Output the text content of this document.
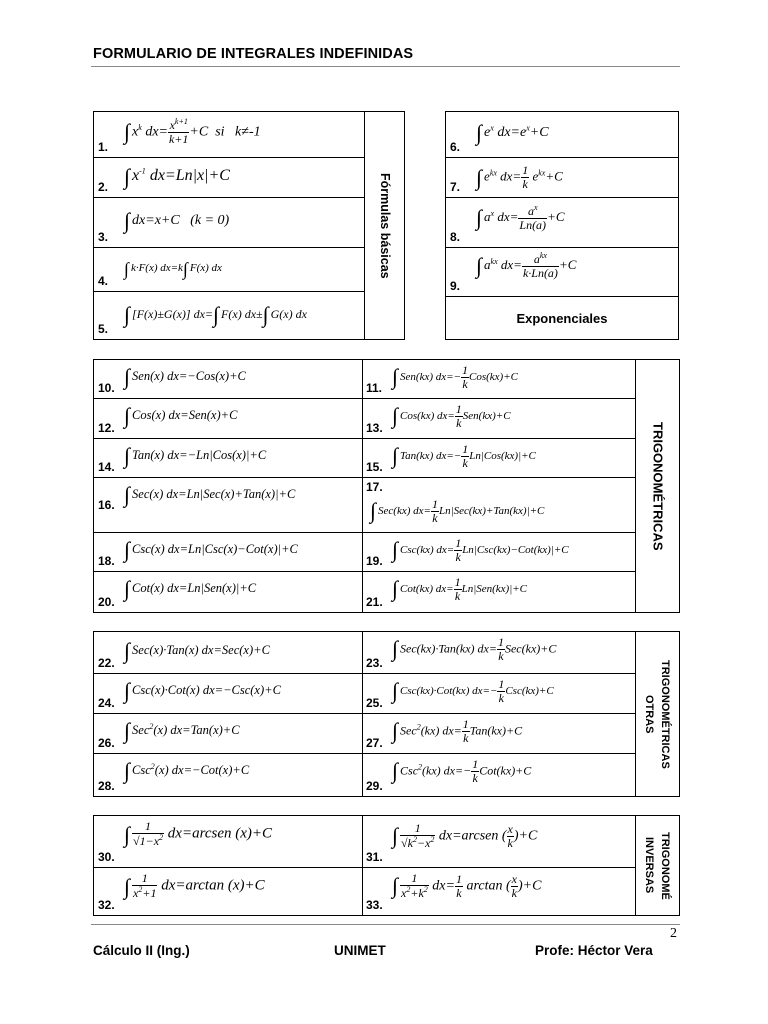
FORMULARIO DE INTEGRALES INDEFINIDAS
Fórmulas básicas
1.
∫ $x^k$ $dx= \frac{x^{k+1}}{k+1} +C$  si   k≠-1
2. ∫ $x^{-1}$ dx=Ln|x|+C
3.
∫ dx=x+C   (k = 0)
4.
∫ k·F(x) dx=k∫ F(x) dx
5.
∫ [F(x)±G(x)] dx=∫ F(x) dx±∫ G(x) dx
6.
∫ $e^x$ $dx=e^x+C$
7. ∫ $e^{kx}$ $dx= \frac{1}{k} e^{kx}+C$
8.
∫ $a^x$ $dx= \frac{a^x}{Ln(a)} +C$
9.
∫ $a^{kx}$ $dx= \frac{a^{kx}}{k\cdot Ln(a)} +C$
Exponenciales
TRIGONOMÉTRICAS
10. ∫ Sen(x) dx=−Cos(x)+C
11. ∫ Sen(kx) $dx=- \frac{1}{k} Cos(kx)+C$
12. ∫ Cos(x) dx=Sen(x)+C
13. ∫ Cos(kx) $dx= \frac{1}{k} Sen(kx)+C$
14. ∫ Tan(x) dx=−Ln|Cos(x)|+C
15. ∫ Tan(kx) $dx=- \frac{1}{k} Ln|Cos(kx)|+C$
16. ∫ Sec(x) dx=Ln|Sec(x)+Tan(x)|+C	17.
∫ Sec(kx) $dx= \frac{1}{k} Ln|Sec(kx)+Tan(kx)|+C$
18. ∫ Csc(x) dx=Ln|Csc(x)−Cot(x)|+C
19. ∫ Csc(kx) $dx= \frac{1}{k} Ln|Csc(kx)-Cot(kx)|+C$
20.
∫ Cot(x) dx=Ln|Sen(x)|+C
21.
∫ Cot(kx) $dx= \frac{1}{k} Ln|Sen(kx)|+C$
OTRAS TRIGONOMÉTRICAS
22. ∫ Sec(x)·Tan(x) dx=Sec(x)+C
23.
∫ Sec(kx)·Tan(kx) $dx= \frac{1}{k} Sec(kx)+C$
24. ∫ Csc(x)·Cot(x) dx=−Csc(x)+C
25. ∫ Csc(kx)·Cot(kx) $dx=- \frac{1}{k} Csc(kx)+C$
26. ∫ Sec$^2$(x) dx=Tan(x)+C
27. ∫ Sec$^2$(kx) $dx= \frac{1}{k} Tan(kx)+C$
28.
∫ Csc$^2$(x) dx=−Cot(x)+C
29.
∫ Csc$^2$(kx) $dx=- \frac{1}{k} Cot(kx)+C$
INVERSAS TRIGONOMÉ
30.
∫ $\frac{1}{√1-x^2}$ dx=arcsen (x)+C
31.
∫ $\frac{1}{√k^2-x^2}$ dx=arcsen ( $\frac{x}{k} )+C$
32.
∫ $\frac{1}{x^2+1} dx=\arctan$ (x)+C
33.
∫ $\frac{1}{x^2+k^2} dx= \frac{1}{k}$ arctan ( $\frac{x}{k} )+C$
2
Cálculo II (Ing.)	UNIMET	Profe: Héctor Vera
